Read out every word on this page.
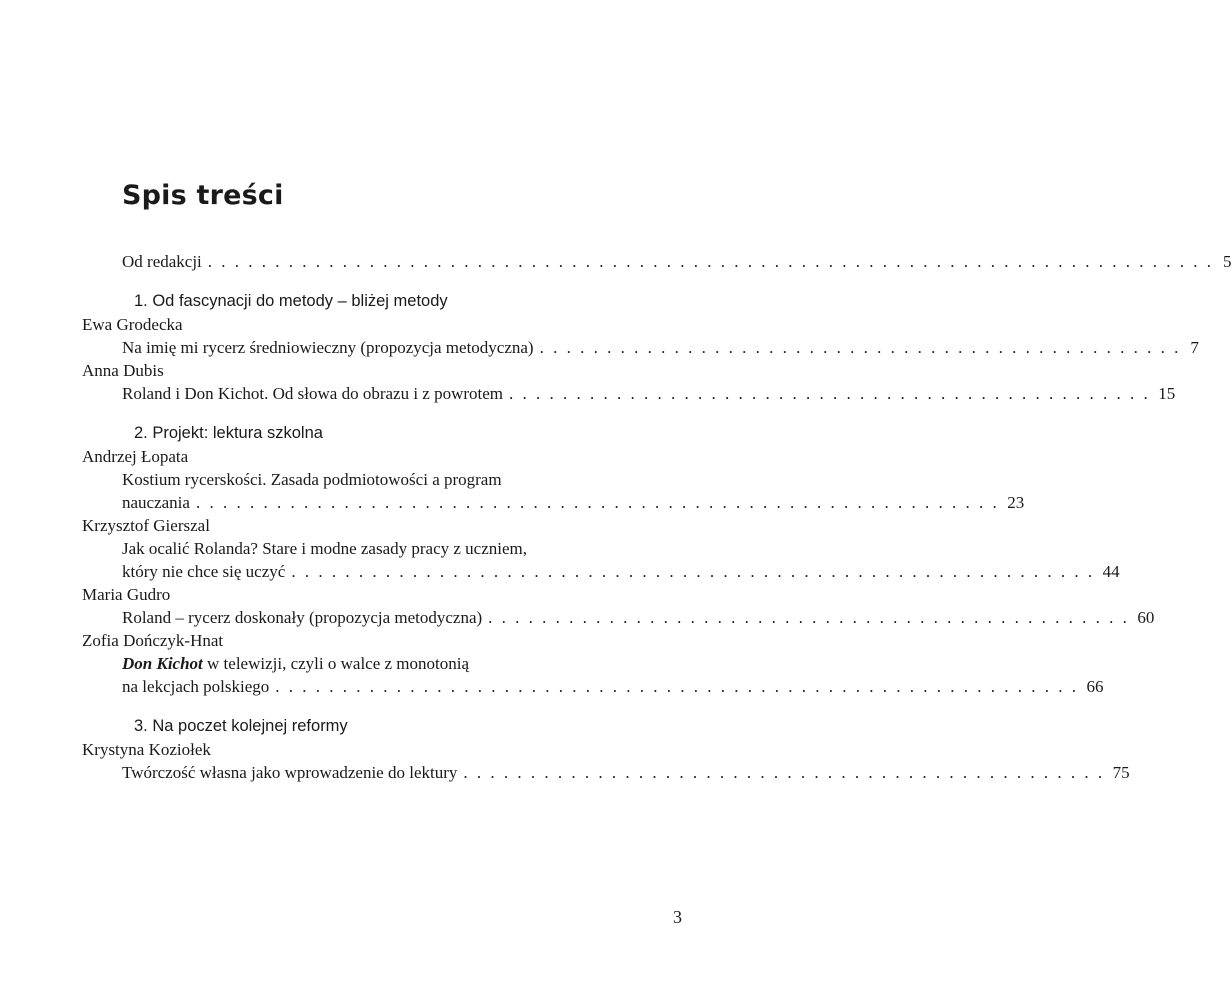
Spis treści
Od redakcji . . . . . . . . . . . . . . . . . . . . . . . . . . . . . . . . . . . . . . . . . . . . . . . . . . . . . . . . . . . . . . . . . . . . . . . . . . . 5
1. Od fascynacji do metody – bliżej metody

Ewa Grodecka

Na imię mi rycerz średniowieczny (propozycja metodyczna) . . . . . . . . . . . . . . . . . . . . . . . . . . . . . . . . . . . . . . . . . . . . . . . . 7

Anna Dubis

Roland i Don Kichot. Od słowa do obrazu i z powrotem . . . . . . . . . . . . . . . . . . . . . . . . . . . . . . . . . . . . . . . . . . . . . . . . 15
2. Projekt: lektura szkolna

Andrzej Łopata

Kostium rycerskości. Zasada podmiotowości a program
nauczania . . . . . . . . . . . . . . . . . . . . . . . . . . . . . . . . . . . . . . . . . . . . . . . . . . . . . . . . . . . . 23

Krzysztof Gierszal

Jak ocalić Rolanda? Stare i modne zasady pracy z uczniem,
który nie chce się uczyć . . . . . . . . . . . . . . . . . . . . . . . . . . . . . . . . . . . . . . . . . . . . . . . . . . . . . . . . . . . . 44

Maria Gudro

Roland – rycerz doskonały (propozycja metodyczna) . . . . . . . . . . . . . . . . . . . . . . . . . . . . . . . . . . . . . . . . . . . . . . . . 60

Zofia Dończyk-Hnat

Don Kichot w telewizji, czyli o walce z monotonią
na lekcjach polskiego . . . . . . . . . . . . . . . . . . . . . . . . . . . . . . . . . . . . . . . . . . . . . . . . . . . . . . . . . . . . 66
3. Na poczet kolejnej reformy

Krystyna Koziołek

Twórczość własna jako wprowadzenie do lektury . . . . . . . . . . . . . . . . . . . . . . . . . . . . . . . . . . . . . . . . . . . . . . . . 75
3
